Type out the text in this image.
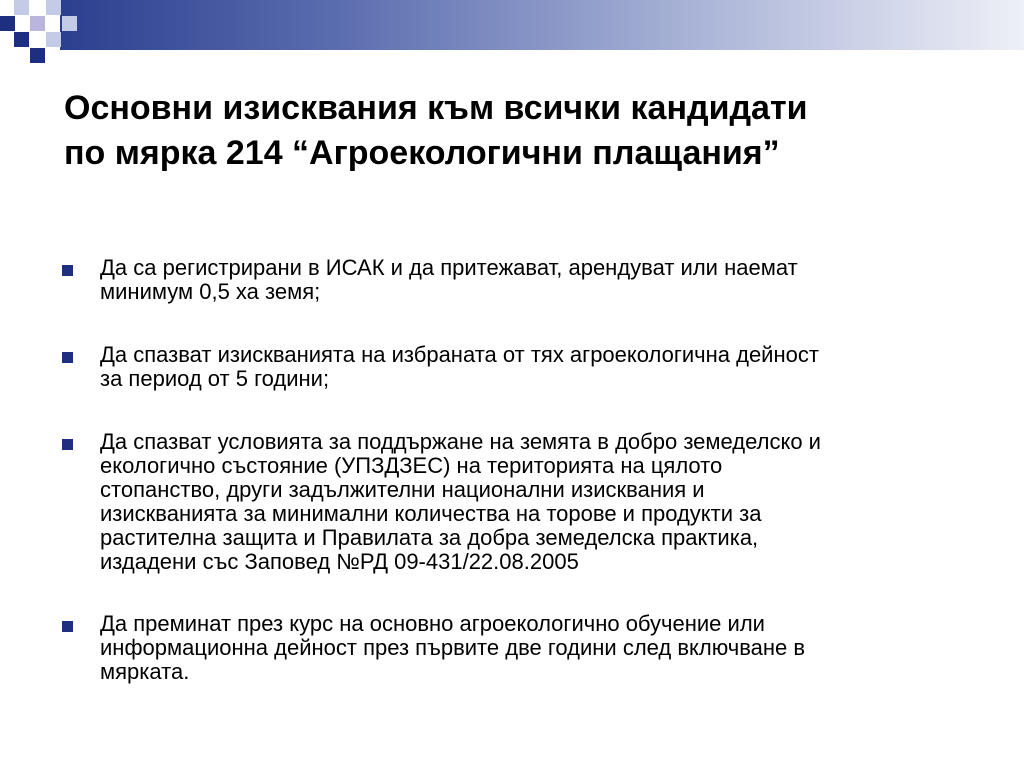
Основни изисквания към всички кандидати
по мярка 214 “Агроекологични плащания”
Да са регистрирани в ИСАК и да притежават, арендуват или наемат
минимум 0,5 ха земя;
Да спазват изискванията на избраната от тях агроекологична дейност
за период от 5 години;
Да спазват условията за поддържане на земята в добро земеделско и
екологично състояние (УПЗДЗЕС) на територията на цялото
стопанство, други задължителни национални изисквания и
изискванията за минимални количества на торове и продукти за
растителна защита и Правилата за добра земеделска практика,
издадени със Заповед №РД 09-431/22.08.2005
Да преминат през курс на основно агроекологично обучение или
информационна дейност през първите две години след включване в
мярката.
